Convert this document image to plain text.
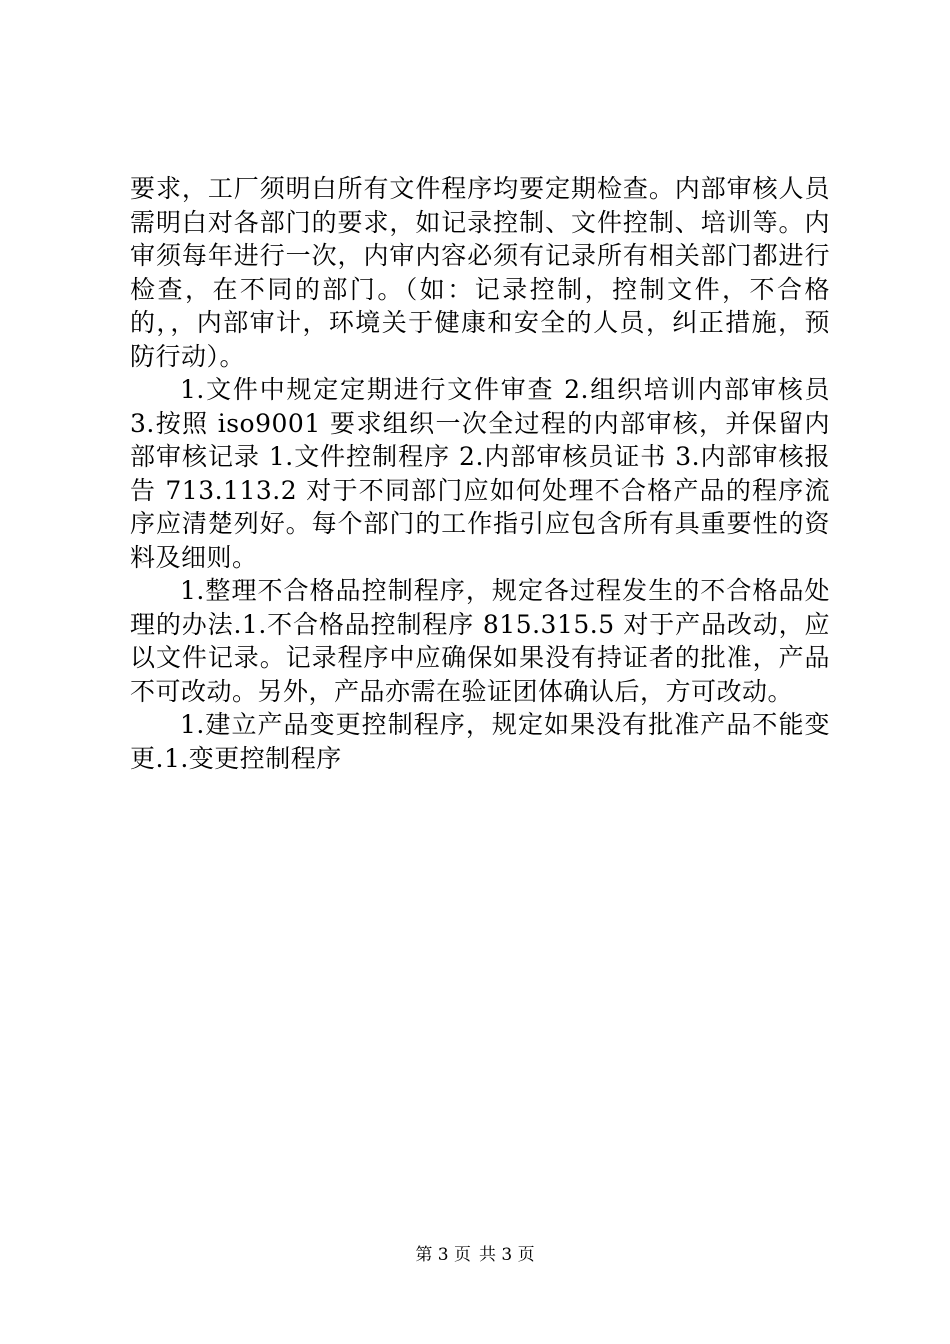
要求，工厂须明白所有文件程序均要定期检查。内部审核人员需明白对各部门的要求，如记录控制、文件控制、培训等。内审须每年进行一次，内审内容必须有记录所有相关部门都进行检查，在不同的部门。（如：记录控制，控制文件，不合格的，，内部审计，环境关于健康和安全的人员，纠正措施，预防行动）。

1.文件中规定定期进行文件审查 2.组织培训内部审核员 3.按照 iso9001 要求组织一次全过程的内部审核，并保留内部审核记录 1.文件控制程序 2.内部审核员证书 3.内部审核报告 713.113.2 对于不同部门应如何处理不合格产品的程序流序应清楚列好。每个部门的工作指引应包含所有具重要性的资料及细则。

1.整理不合格品控制程序，规定各过程发生的不合格品处理的办法.1.不合格品控制程序 815.315.5 对于产品改动，应以文件记录。记录程序中应确保如果没有持证者的批准，产品不可改动。另外，产品亦需在验证团体确认后，方可改动。

1.建立产品变更控制程序，规定如果没有批准产品不能变更.1.变更控制程序

第 3 页 共 3 页
